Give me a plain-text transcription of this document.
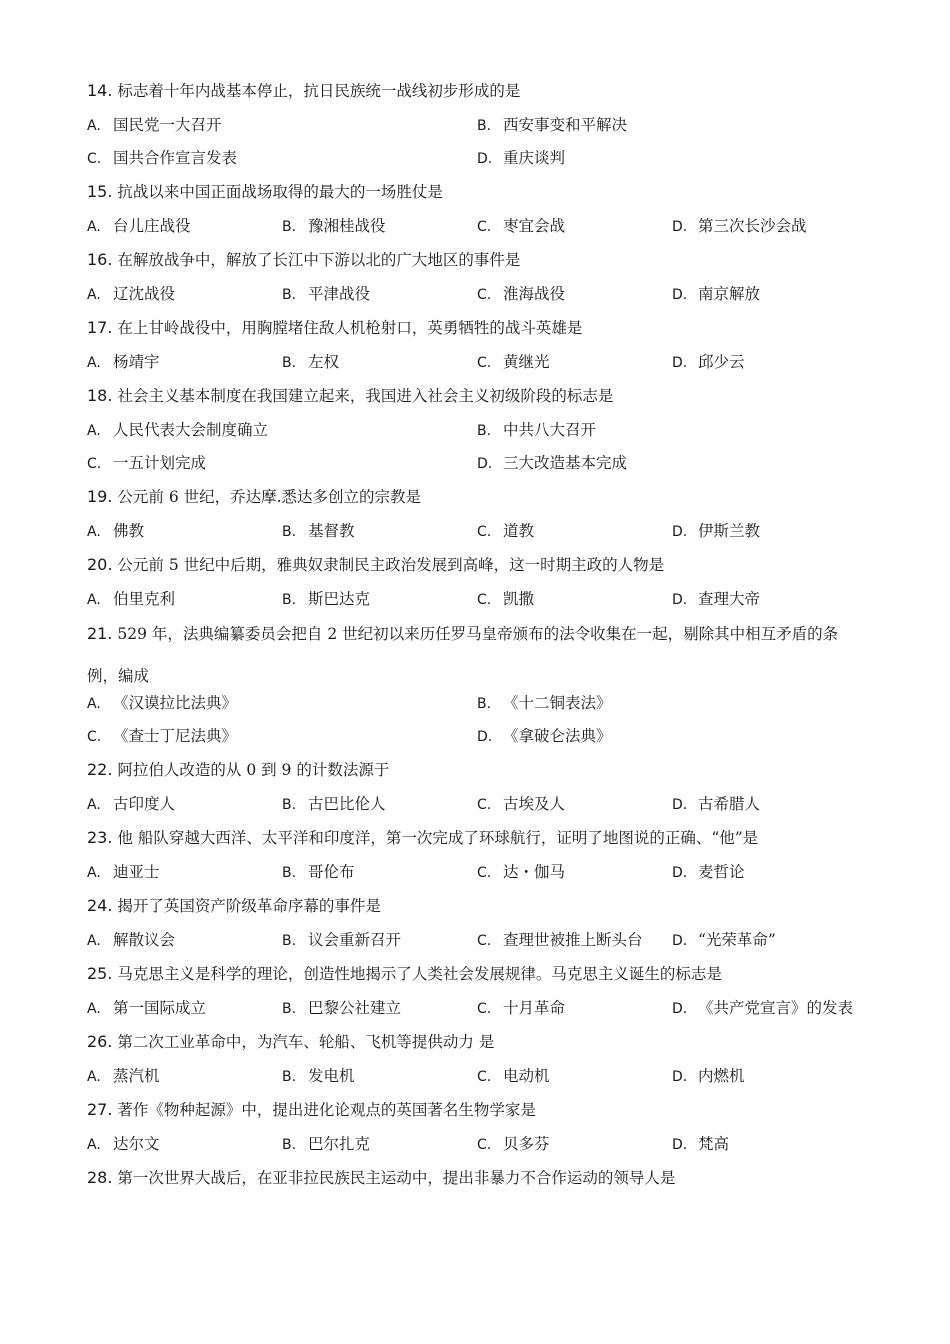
14. 标志着十年内战基本停止，抗日民族统一战线初步形成的是
A. 国民党一大召开	B. 西安事变和平解决
C. 国共合作宣言发表	D. 重庆谈判
15. 抗战以来中国正面战场取得的最大的一场胜仗是
A. 台儿庄战役	B. 豫湘桂战役	C. 枣宜会战	D. 第三次长沙会战
16. 在解放战争中，解放了长江中下游以北的广大地区的事件是
A. 辽沈战役	B. 平津战役	C. 淮海战役	D. 南京解放
17. 在上甘岭战役中，用胸膛堵住敌人机枪射口，英勇牺牲的战斗英雄是
A. 杨靖宇	B. 左权	C. 黄继光	D. 邱少云
18. 社会主义基本制度在我国建立起来，我国进入社会主义初级阶段的标志是
A. 人民代表大会制度确立	B. 中共八大召开
C. 一五计划完成	D. 三大改造基本完成
19. 公元前 6 世纪，乔达摩.悉达多创立的宗教是
A. 佛教	B. 基督教	C. 道教	D. 伊斯兰教
20. 公元前 5 世纪中后期，雅典奴隶制民主政治发展到高峰，这一时期主政的人物是
A. 伯里克利	B. 斯巴达克	C. 凯撒	D. 查理大帝
21. 529 年，法典编纂委员会把自 2 世纪初以来历任罗马皇帝颁布的法令收集在一起，剔除其中相互矛盾的条例，编成
A. 《汉谟拉比法典》	B. 《十二铜表法》
C. 《查士丁尼法典》	D. 《拿破仑法典》
22. 阿拉伯人改造的从 0 到 9 的计数法源于
A. 古印度人	B. 古巴比伦人	C. 古埃及人	D. 古希腊人
23. 他 船队穿越大西洋、太平洋和印度洋，第一次完成了环球航行，证明了地图说的正确、“他”是
A. 迪亚士	B. 哥伦布	C. 达・伽马	D. 麦哲论
24. 揭开了英国资产阶级革命序幕的事件是
A. 解散议会	B. 议会重新召开	C. 查理世被推上断头台 D. “光荣革命”
25. 马克思主义是科学的理论，创造性地揭示了人类社会发展规律。马克思主义诞生的标志是
A. 第一国际成立	B. 巴黎公社建立	C. 十月革命	D. 《共产党宣言》的发表
26. 第二次工业革命中，为汽车、轮船、飞机等提供动力 是
A. 蒸汽机	B. 发电机	C. 电动机	D. 内燃机
27. 著作《物种起源》中，提出进化论观点的英国著名生物学家是
A. 达尔文	B. 巴尔扎克	C. 贝多芬	D. 梵高
28. 第一次世界大战后，在亚非拉民族民主运动中，提出非暴力不合作运动的领导人是
